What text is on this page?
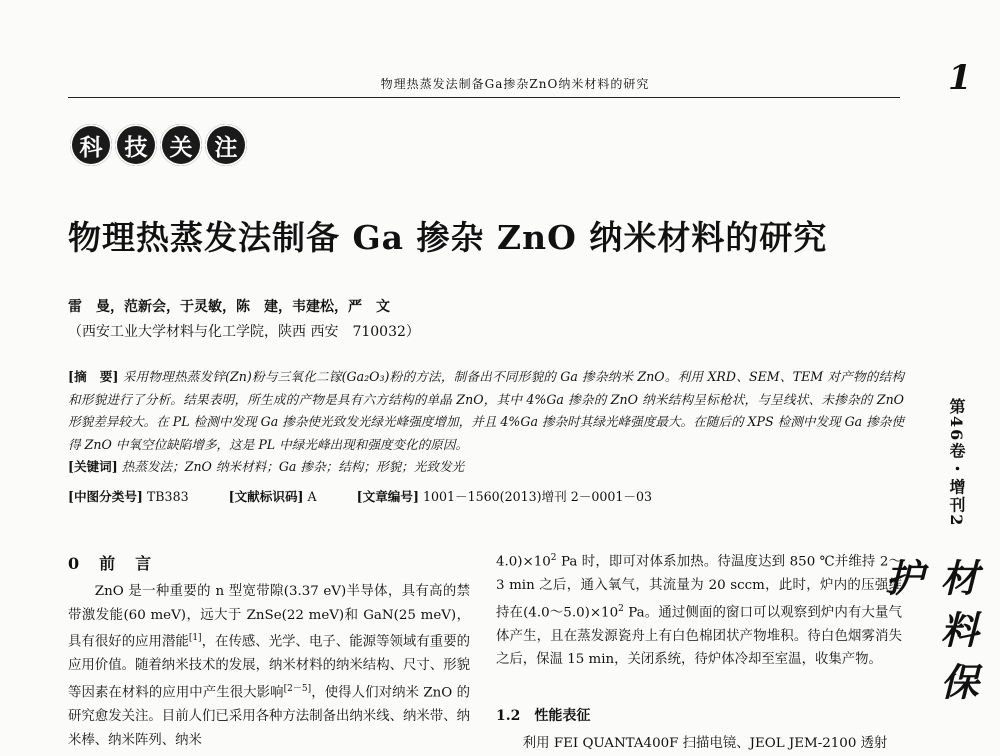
物理热蒸发法制备Ga掺杂ZnO纳米材料的研究	1
科 技 关 注
物理热蒸发法制备 Ga 掺杂 ZnO 纳米材料的研究
雷　曼，范新会，于灵敏，陈　建，韦建松，严　文
（西安工业大学材料与化工学院，陕西 西安　710032）
[摘　要] 采用物理热蒸发锌(Zn)粉与三氧化二镓(Ga₂O₃)粉的方法，制备出不同形貌的 Ga 掺杂纳米 ZnO。利用 XRD、SEM、TEM 对产物的结构和形貌进行了分析。结果表明，所生成的产物是具有六方结构的单晶 ZnO，其中 4%Ga 掺杂的 ZnO 纳米结构呈标枪状，与呈线状、未掺杂的 ZnO 形貌差异较大。在 PL 检测中发现 Ga 掺杂使光致发光绿光峰强度增加，并且 4%Ga 掺杂时其绿光峰强度最大。在随后的 XPS 检测中发现 Ga 掺杂使得 ZnO 中氧空位缺陷增多，这是 PL 中绿光峰出现和强度变化的原因。
[关键词] 热蒸发法；ZnO 纳米材料；Ga 掺杂；结构；形貌；光致发光
[中图分类号] TB383	[文献标识码] A	[文章编号] 1001－1560(2013)增刊 2－0001－03
0　前　言
ZnO 是一种重要的 n 型宽带隙(3.37 eV)半导体，具有高的禁带激发能(60 meV)，远大于 ZnSe(22 meV)和 GaN(25 meV)，具有很好的应用潜能[1]，在传感、光学、电子、能源等领域有重要的应用价值。随着纳米技术的发展，纳米材料的纳米结构、尺寸、形貌等因素在材料的应用中产生很大影响[2－5]，使得人们对纳米 ZnO 的研究愈发关注。目前人们已采用各种方法制备出纳米线、纳米带、纳米棒、纳米阵列、纳米
$4.0)\times 10^2$ Pa 时，即可对体系加热。待温度达到 850 ℃并维持 2～3 min 之后，通入氧气，其流量为 20 sccm，此时，炉内的压强维持在$(4.0\sim 5.0)\times 10^2$ Pa。通过侧面的窗口可以观察到炉内有大量气体产生，且在蒸发源瓷舟上有白色棉团状产物堆积。待白色烟雾消失之后，保温 15 min，关闭系统，待炉体冷却至室温，收集产物。
1.2　性能表征
利用 FEI QUANTA400F 扫描电镜、JEOL JEM-2100 透射
第46卷・增刊2
材料保护
